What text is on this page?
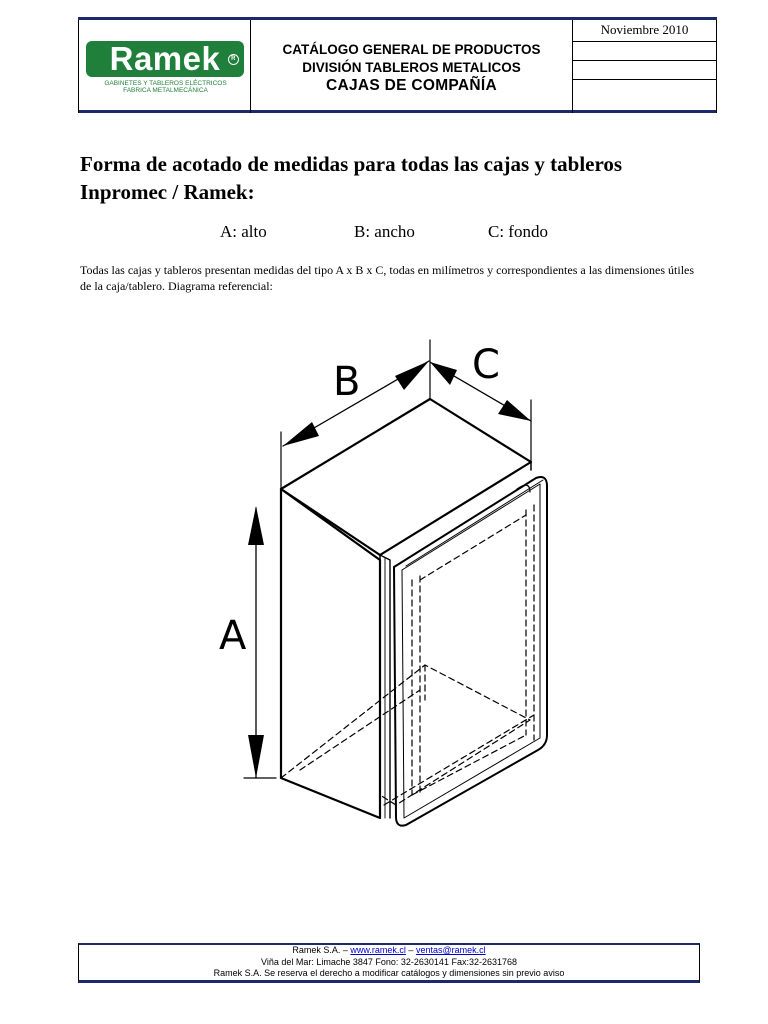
Ramek	R
GABINETES Y TABLEROS ELÉCTRICOS
FABRICA METALMECÁNICA
CATÁLOGO GENERAL DE PRODUCTOS
DIVISIÓN TABLEROS METALICOS
CAJAS DE COMPAÑÍA
Noviembre 2010
Forma de acotado de medidas para todas las cajas y tableros
Inpromec / Ramek:
A: alto	B: ancho	C: fondo
Todas las cajas y tableros presentan medidas del tipo A x B x C, todas en milímetros y correspondientes a las dimensiones útiles de la caja/tablero. Diagrama referencial:
B	C
A
Ramek S.A. – www.ramek.cl – ventas@ramek.cl
Viña del Mar: Limache 3847 Fono: 32-2630141 Fax:32-2631768
Ramek S.A. Se reserva el derecho a modificar catálogos y dimensiones sin previo aviso
